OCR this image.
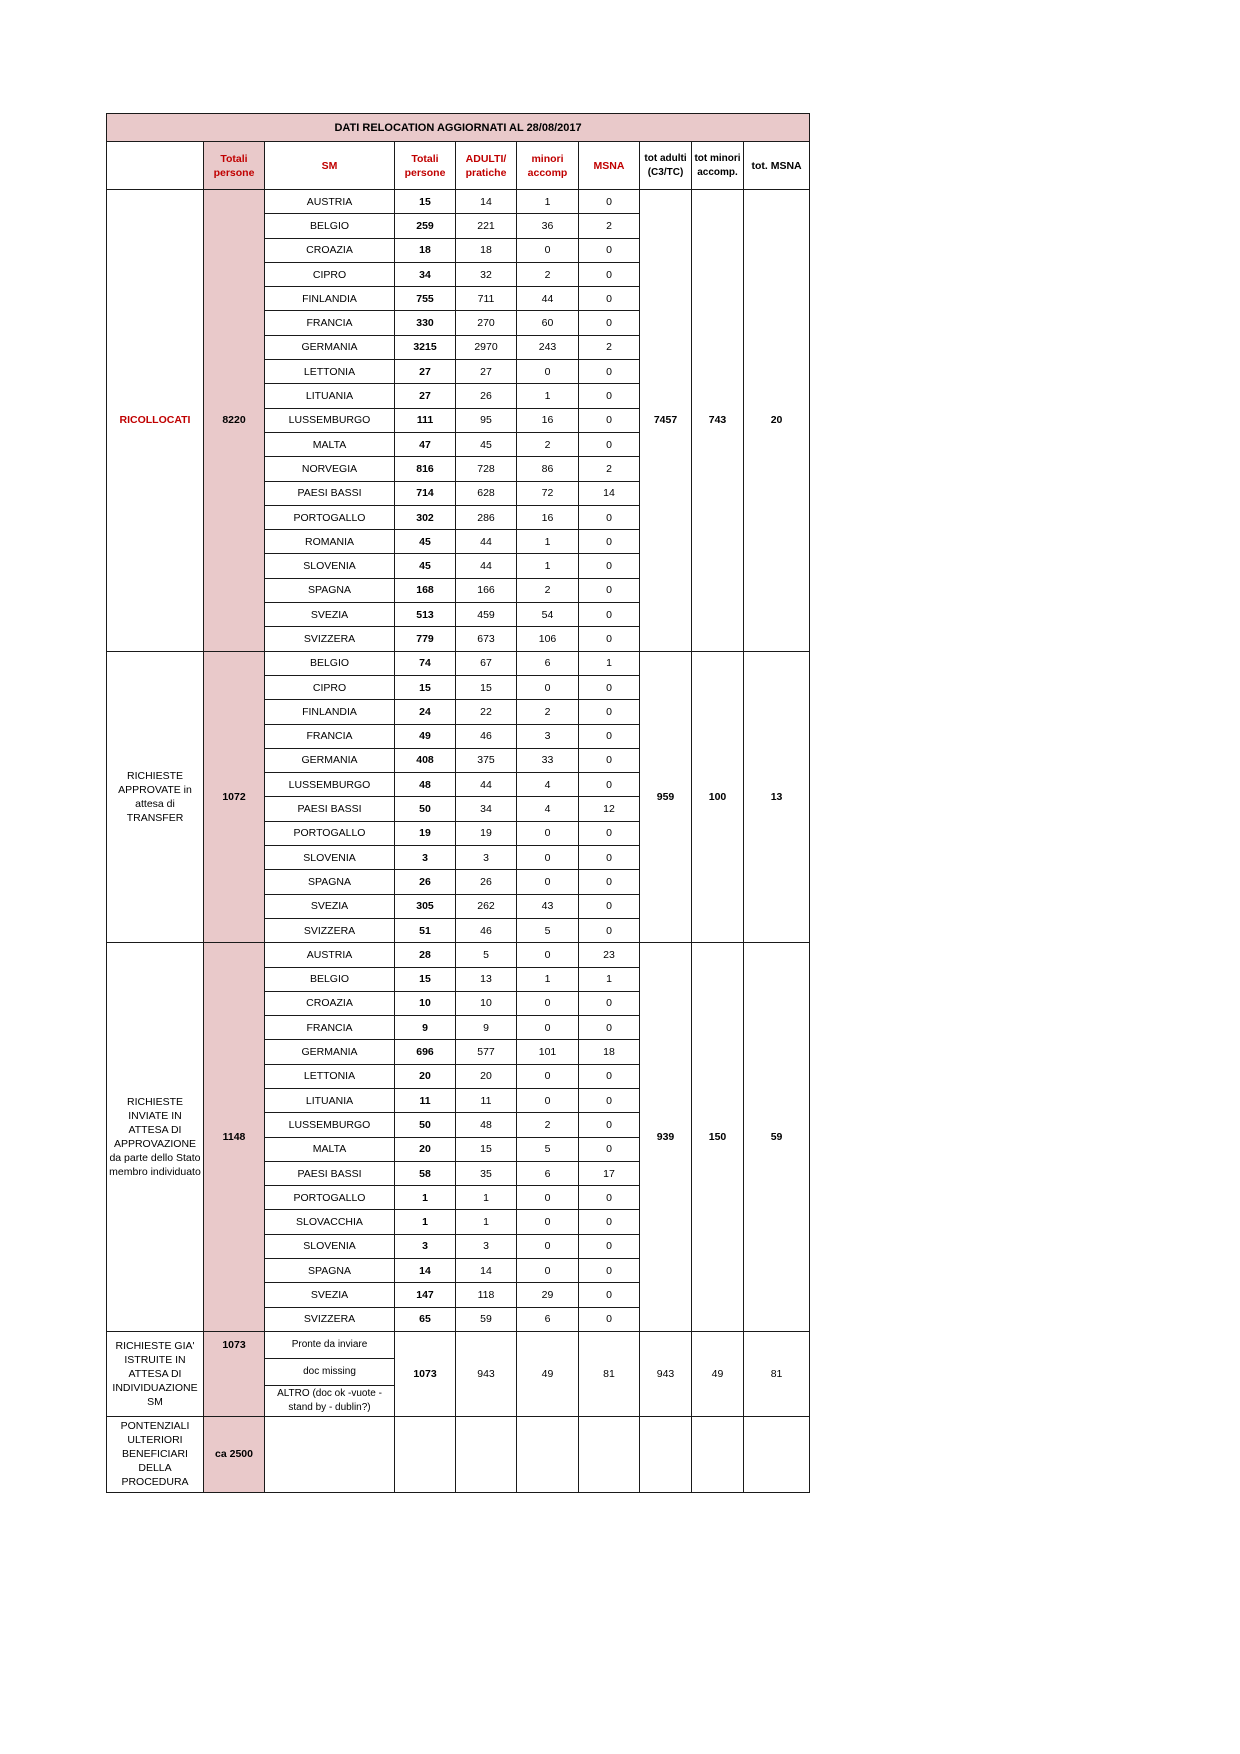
DATI RELOCATION AGGIORNATI AL 28/08/2017									
	Totali persone	SM	Totali persone	ADULTI/ pratiche	minori accomp	MSNA	tot adulti (C3/TC)	tot minori accomp.	tot. MSNA
RICOLLOCATI	8220	AUSTRIA	15	14	1	0	7457	743	20
		BELGIO	259	221	36	2			
		CROAZIA	18	18	0	0			
		CIPRO	34	32	2	0			
		FINLANDIA	755	711	44	0			
		FRANCIA	330	270	60	0			
		GERMANIA	3215	2970	243	2			
		LETTONIA	27	27	0	0			
		LITUANIA	27	26	1	0			
		LUSSEMBURGO	111	95	16	0			
		MALTA	47	45	2	0			
		NORVEGIA	816	728	86	2			
		PAESI BASSI	714	628	72	14			
		PORTOGALLO	302	286	16	0			
		ROMANIA	45	44	1	0			
		SLOVENIA	45	44	1	0			
		SPAGNA	168	166	2	0			
		SVEZIA	513	459	54	0			
		SVIZZERA	779	673	106	0			
RICHIESTE APPROVATE in attesa di TRANSFER	1072	BELGIO	74	67	6	1	959	100	13
		CIPRO	15	15	0	0			
		FINLANDIA	24	22	2	0			
		FRANCIA	49	46	3	0			
		GERMANIA	408	375	33	0			
		LUSSEMBURGO	48	44	4	0			
		PAESI BASSI	50	34	4	12			
		PORTOGALLO	19	19	0	0			
		SLOVENIA	3	3	0	0			
		SPAGNA	26	26	0	0			
		SVEZIA	305	262	43	0			
		SVIZZERA	51	46	5	0			
RICHIESTE INVIATE IN ATTESA DI APPROVAZIONE da parte dello Stato membro individuato	1148	AUSTRIA	28	5	0	23	939	150	59
		BELGIO	15	13	1	1			
		CROAZIA	10	10	0	0			
		FRANCIA	9	9	0	0			
		GERMANIA	696	577	101	18			
		LETTONIA	20	20	0	0			
		LITUANIA	11	11	0	0			
		LUSSEMBURGO	50	48	2	0			
		MALTA	20	15	5	0			
		PAESI BASSI	58	35	6	17			
		PORTOGALLO	1	1	0	0			
		SLOVACCHIA	1	1	0	0			
		SLOVENIA	3	3	0	0			
		SPAGNA	14	14	0	0			
		SVEZIA	147	118	29	0			
		SVIZZERA	65	59	6	0			
RICHIESTE GIA' ISTRUITE IN ATTESA DI INDIVIDUAZIONE SM	1073	Pronte da inviare	1073	943	49	81	943	49	81
		doc missing							
		ALTRO (doc ok -vuote - stand by - dublin?)							
PONTENZIALI ULTERIORI BENEFICIARI DELLA PROCEDURA	ca 2500								
